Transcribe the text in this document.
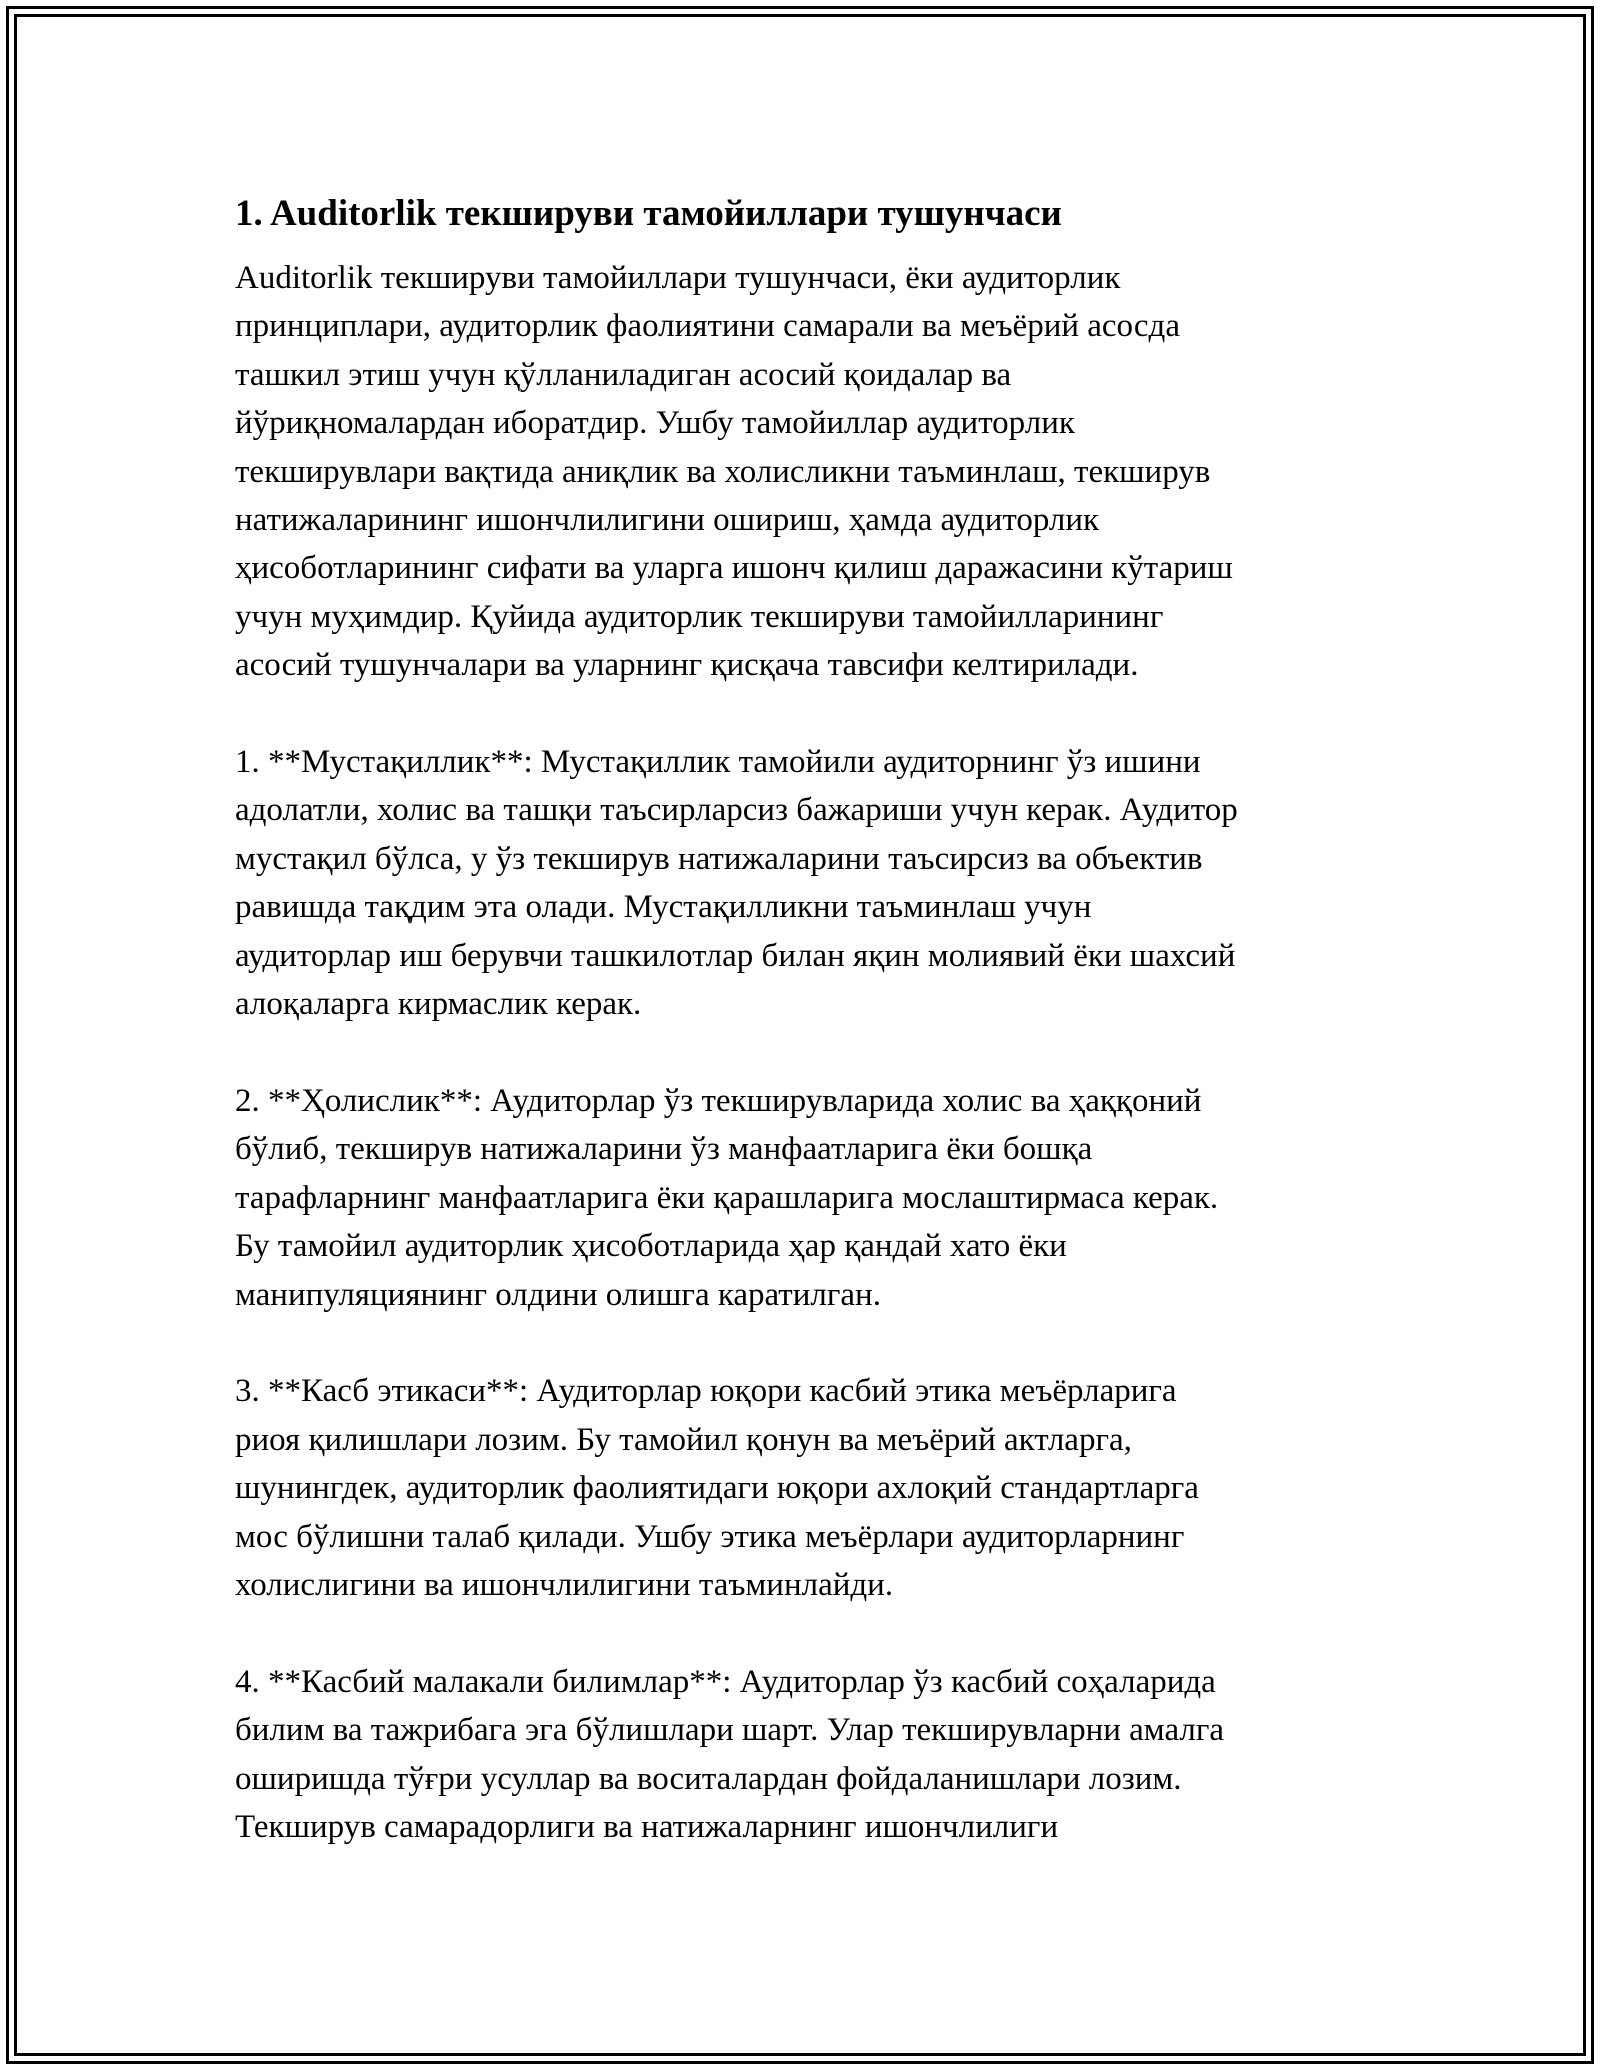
1. Auditorlik текшируви тамойиллари тушунчаси

Auditorlik текшируви тамойиллари тушунчаси, ёки аудиторлик
принциплари, аудиторлик фаолиятини самарали ва меъёрий асосда
ташкил этиш учун қўлланиладиган асосий қоидалар ва
йўриқномалардан иборатдир. Ушбу тамойиллар аудиторлик
текширувлари вақтида аниқлик ва холисликни таъминлаш, текширув
натижаларининг ишончлилигини ошириш, ҳамда аудиторлик
ҳисоботларининг сифати ва уларга ишонч қилиш даражасини кўтариш
учун муҳимдир. Қуйида аудиторлик текшируви тамойилларининг
асосий тушунчалари ва уларнинг қисқача тавсифи келтирилади.

1. **Мустақиллик**: Мустақиллик тамойили аудиторнинг ўз ишини
адолатли, холис ва ташқи таъсирларсиз бажариши учун керак. Аудитор
мустақил бўлса, у ўз текширув натижаларини таъсирсиз ва объектив
равишда тақдим эта олади. Мустақилликни таъминлаш учун
аудиторлар иш берувчи ташкилотлар билан яқин молиявий ёки шахсий
алоқаларга кирмаслик керак.

2. **Ҳолислик**: Аудиторлар ўз текширувларида холис ва ҳаққоний
бўлиб, текширув натижаларини ўз манфаатларига ёки бошқа
тарафларнинг манфаатларига ёки қарашларига мослаштирмаса керак.
Бу тамойил аудиторлик ҳисоботларида ҳар қандай хато ёки
манипуляциянинг олдини олишга каратилган.

3. **Касб этикаси**: Аудиторлар юқори касбий этика меъёрларига
риоя қилишлари лозим. Бу тамойил қонун ва меъёрий актларга,
шунингдек, аудиторлик фаолиятидаги юқори ахлоқий стандартларга
мос бўлишни талаб қилади. Ушбу этика меъёрлари аудиторларнинг
холислигини ва ишончлилигини таъминлайди.

4. **Касбий малакали билимлар**: Аудиторлар ўз касбий соҳаларида
билим ва тажрибага эга бўлишлари шарт. Улар текширувларни амалга
оширишда тўғри усуллар ва воситалардан фойдаланишлари лозим.
Текширув самарадорлиги ва натижаларнинг ишончлилиги
